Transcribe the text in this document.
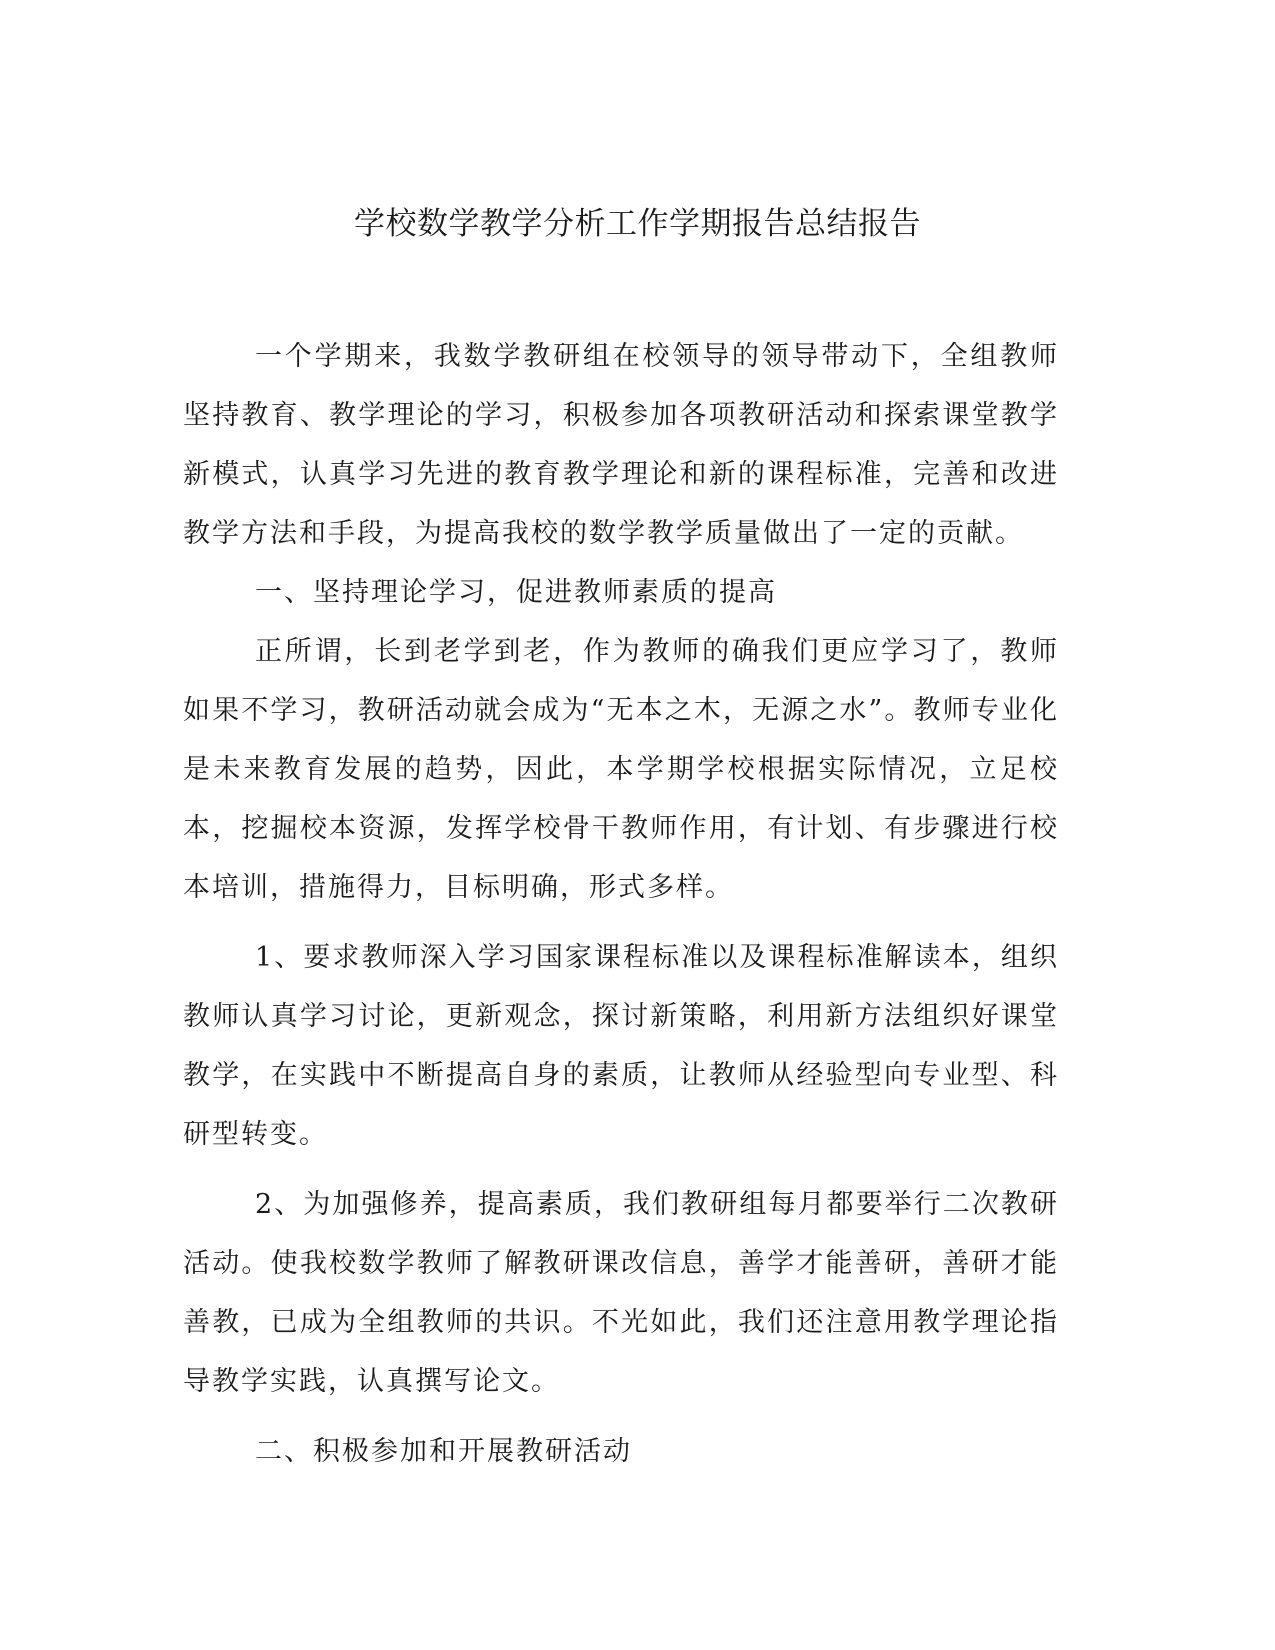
学校数学教学分析工作学期报告总结报告

一个学期来，我数学教研组在校领导的领导带动下，全组教师坚持教育、教学理论的学习，积极参加各项教研活动和探索课堂教学新模式，认真学习先进的教育教学理论和新的课程标准，完善和改进教学方法和手段，为提高我校的数学教学质量做出了一定的贡献。

一、坚持理论学习，促进教师素质的提高

正所谓，长到老学到老，作为教师的确我们更应学习了，教师如果不学习，教研活动就会成为“无本之木，无源之水”。教师专业化是未来教育发展的趋势，因此，本学期学校根据实际情况，立足校本，挖掘校本资源，发挥学校骨干教师作用，有计划、有步骤进行校本培训，措施得力，目标明确，形式多样。

1、要求教师深入学习国家课程标准以及课程标准解读本，组织教师认真学习讨论，更新观念，探讨新策略，利用新方法组织好课堂教学，在实践中不断提高自身的素质，让教师从经验型向专业型、科研型转变。

2、为加强修养，提高素质，我们教研组每月都要举行二次教研活动。使我校数学教师了解教研课改信息，善学才能善研，善研才能善教，已成为全组教师的共识。不光如此，我们还注意用教学理论指导教学实践，认真撰写论文。

二、积极参加和开展教研活动
